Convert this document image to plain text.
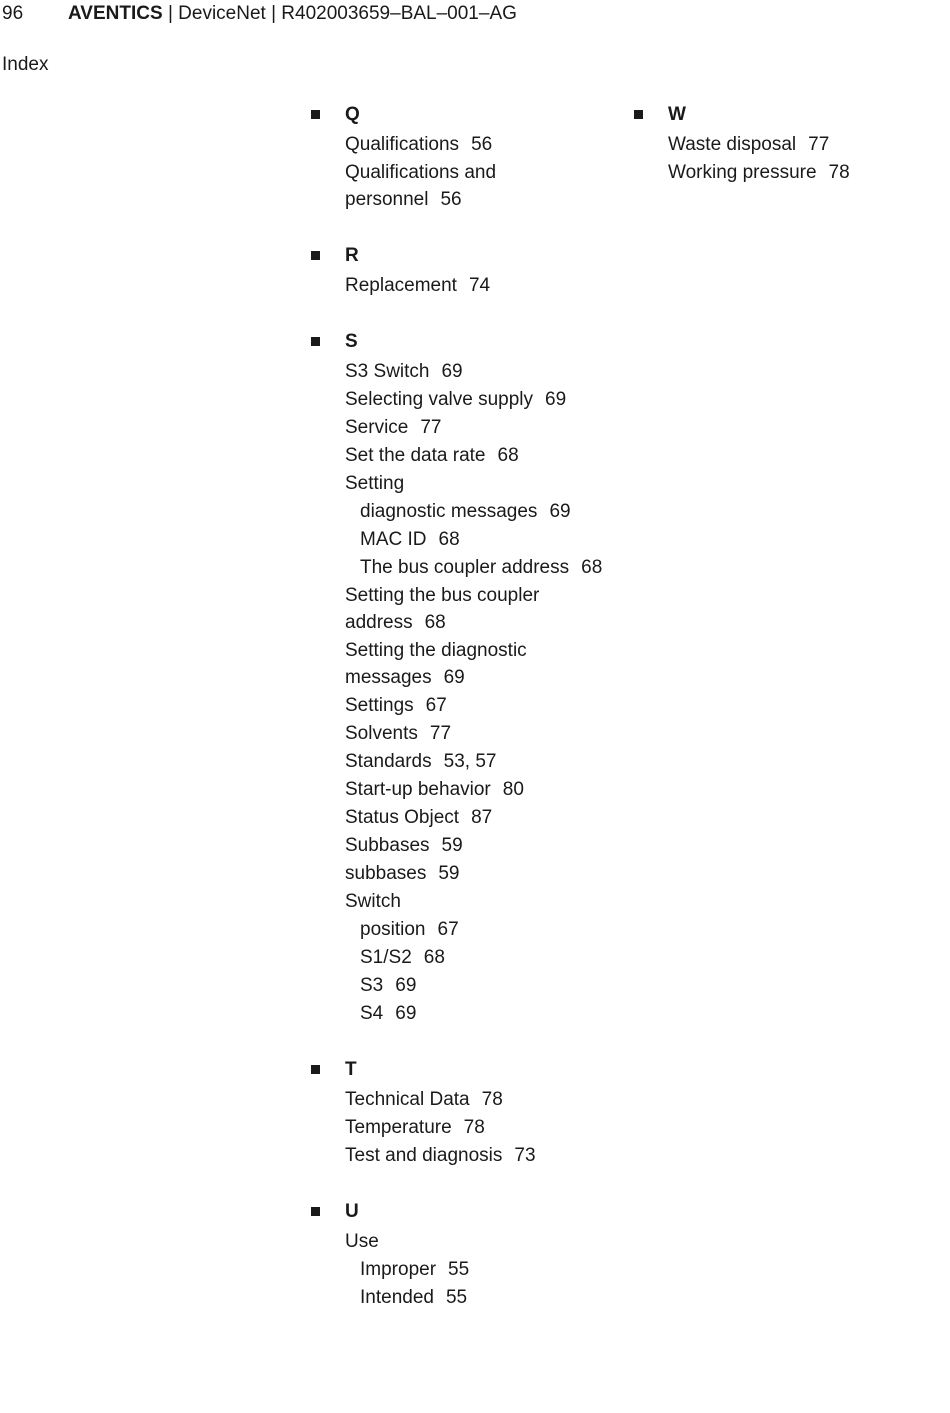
96 AVENTICS | DeviceNet | R402003659–BAL–001–AG
Index
Q
Qualifications 56
Qualifications and
personnel 56
R
Replacement 74
S
S3 Switch 69
Selecting valve supply 69
Service 77
Set the data rate 68
Setting
diagnostic messages 69
MAC ID 68
The bus coupler address 68
Setting the bus coupler
address 68
Setting the diagnostic
messages 69
Settings 67
Solvents 77
Standards 53, 57
Start-up behavior 80
Status Object 87
Subbases 59
subbases 59
Switch
position 67
S1/S2 68
S3 69
S4 69
T
Technical Data 78
Temperature 78
Test and diagnosis 73
U
Use
Improper 55
Intended 55
W
Waste disposal 77
Working pressure 78
